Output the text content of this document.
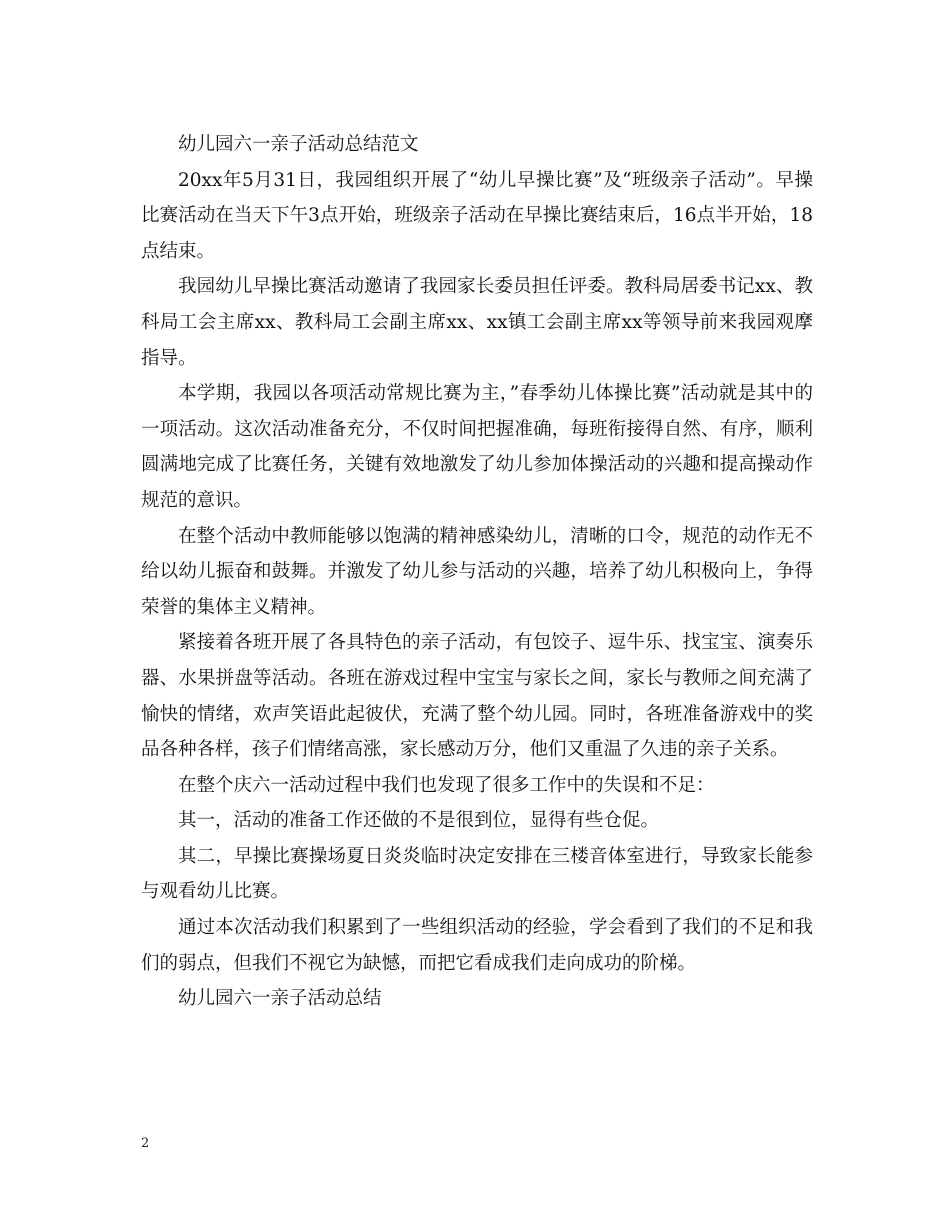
幼儿园六一亲子活动总结范文

20xx年5月31日，我园组织开展了“幼儿早操比赛”及“班级亲子活动”。早操比赛活动在当天下午3点开始，班级亲子活动在早操比赛结束后，16点半开始，18点结束。

我园幼儿早操比赛活动邀请了我园家长委员担任评委。教科局居委书记xx、教科局工会主席xx、教科局工会副主席xx、xx镇工会副主席xx等领导前来我园观摩指导。

本学期，我园以各项活动常规比赛为主，”春季幼儿体操比赛”活动就是其中的一项活动。这次活动准备充分，不仅时间把握准确，每班衔接得自然、有序，顺利圆满地完成了比赛任务，关键有效地激发了幼儿参加体操活动的兴趣和提高操动作规范的意识。

在整个活动中教师能够以饱满的精神感染幼儿，清晰的口令，规范的动作无不给以幼儿振奋和鼓舞。并激发了幼儿参与活动的兴趣，培养了幼儿积极向上，争得荣誉的集体主义精神。

紧接着各班开展了各具特色的亲子活动，有包饺子、逗牛乐、找宝宝、演奏乐器、水果拼盘等活动。各班在游戏过程中宝宝与家长之间，家长与教师之间充满了愉快的情绪，欢声笑语此起彼伏，充满了整个幼儿园。同时，各班准备游戏中的奖品各种各样，孩子们情绪高涨，家长感动万分，他们又重温了久违的亲子关系。

在整个庆六一活动过程中我们也发现了很多工作中的失误和不足：

其一，活动的准备工作还做的不是很到位，显得有些仓促。

其二，早操比赛操场夏日炎炎临时决定安排在三楼音体室进行，导致家长能参与观看幼儿比赛。

通过本次活动我们积累到了一些组织活动的经验，学会看到了我们的不足和我们的弱点，但我们不视它为缺憾，而把它看成我们走向成功的阶梯。

幼儿园六一亲子活动总结

2
